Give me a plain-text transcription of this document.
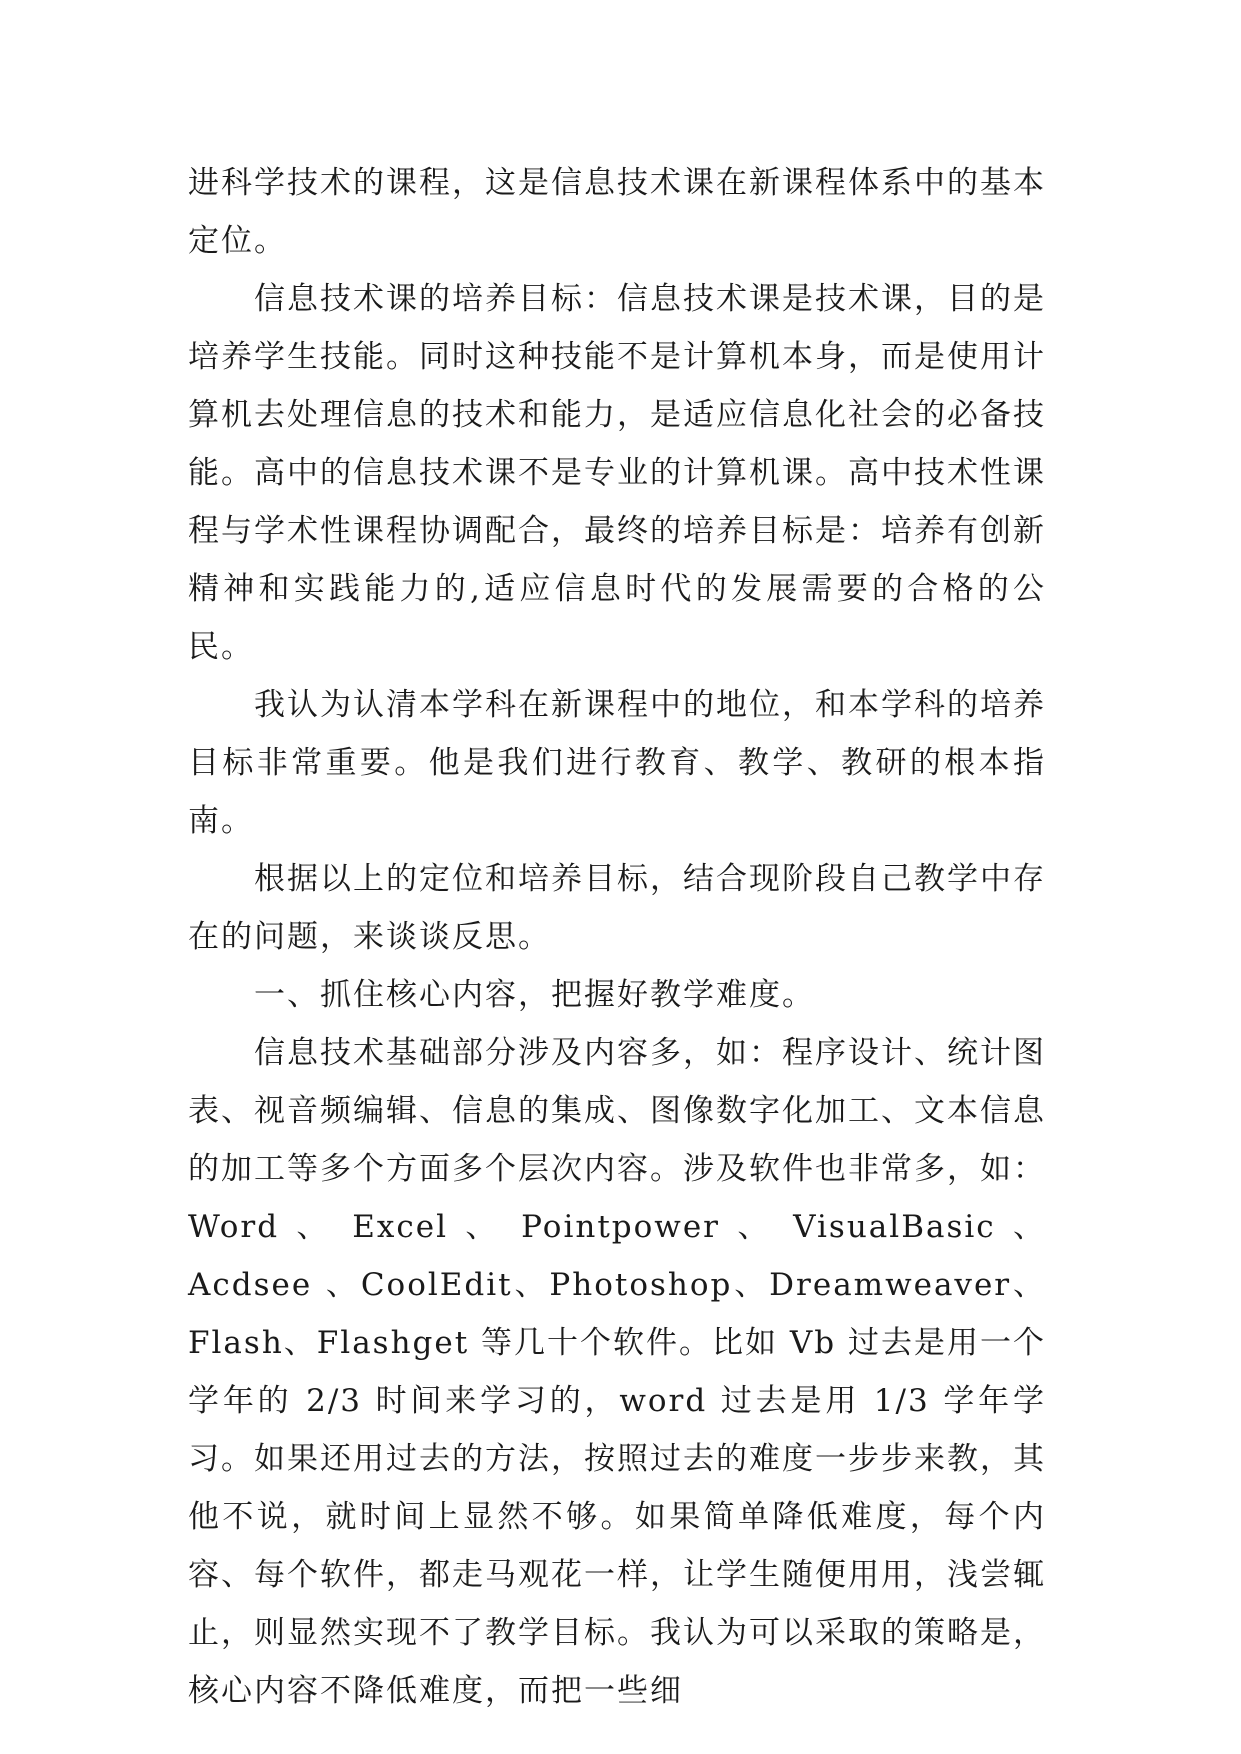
进科学技术的课程，这是信息技术课在新课程体系中的基本定位。

信息技术课的培养目标：信息技术课是技术课，目的是培养学生技能。同时这种技能不是计算机本身，而是使用计算机去处理信息的技术和能力，是适应信息化社会的必备技能。高中的信息技术课不是专业的计算机课。高中技术性课程与学术性课程协调配合，最终的培养目标是：培养有创新精神和实践能力的,适应信息时代的发展需要的合格的公民。

我认为认清本学科在新课程中的地位，和本学科的培养目标非常重要。他是我们进行教育、教学、教研的根本指南。

根据以上的定位和培养目标，结合现阶段自己教学中存在的问题，来谈谈反思。

一、抓住核心内容，把握好教学难度。

信息技术基础部分涉及内容多，如：程序设计、统计图表、视音频编辑、信息的集成、图像数字化加工、文本信息的加工等多个方面多个层次内容。涉及软件也非常多，如：Word 、 Excel 、 Pointpower 、 VisualBasic 、 Acdsee 、CoolEdit、Photoshop、Dreamweaver、Flash、Flashget 等几十个软件。比如 Vb 过去是用一个学年的 2/3 时间来学习的，word 过去是用 1/3 学年学习。如果还用过去的方法，按照过去的难度一步步来教，其他不说，就时间上显然不够。如果简单降低难度，每个内容、每个软件，都走马观花一样，让学生随便用用，浅尝辄止，则显然实现不了教学目标。我认为可以采取的策略是，核心内容不降低难度，而把一些细
